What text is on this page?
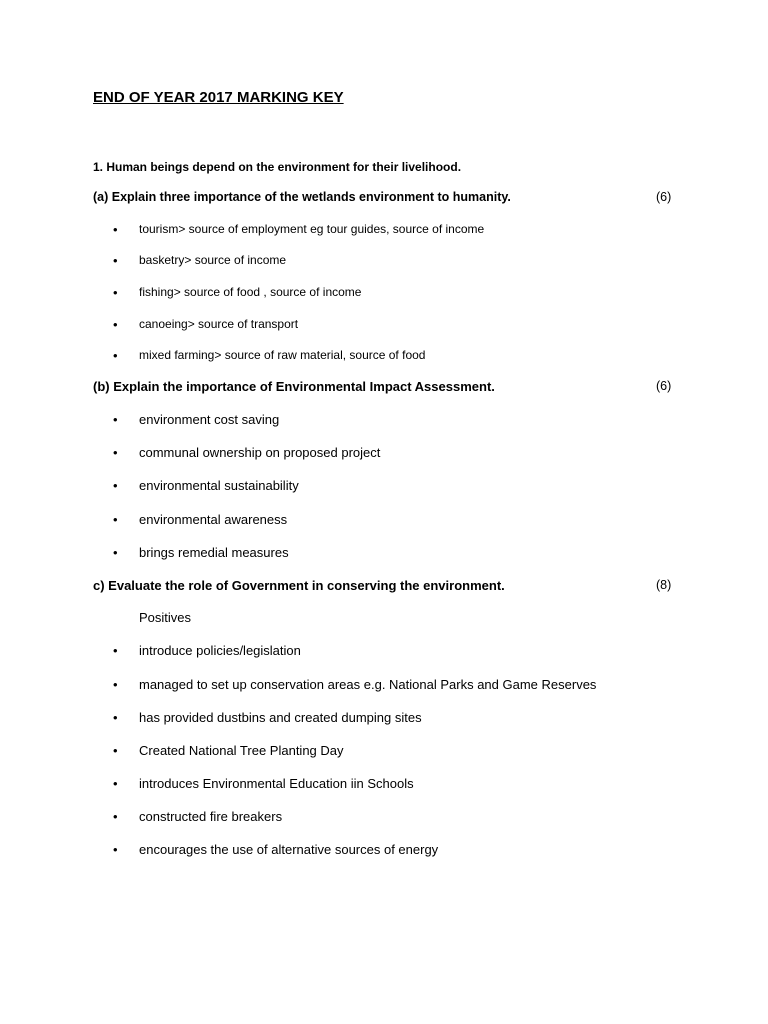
END OF YEAR 2017 MARKING KEY
1. Human beings depend on the environment for their livelihood.
(a) Explain three importance of the wetlands environment to humanity.	(6)
• tourism> source of employment eg tour guides, source of income
• basketry> source of income
• fishing> source of food , source of income
• canoeing> source of transport
• mixed farming> source of raw material, source of food
(b) Explain the importance of Environmental Impact Assessment.	(6)
• environment cost saving
• communal ownership on proposed project
• environmental sustainability
• environmental awareness
• brings remedial measures
c) Evaluate the role of Government in conserving the environment.	(8)
Positives
• introduce policies/legislation
• managed to set up conservation areas e.g. National Parks and Game Reserves
• has provided dustbins and created dumping sites
• Created National Tree Planting Day
• introduces Environmental Education iin Schools
• constructed fire breakers
• encourages the use of alternative sources of energy
